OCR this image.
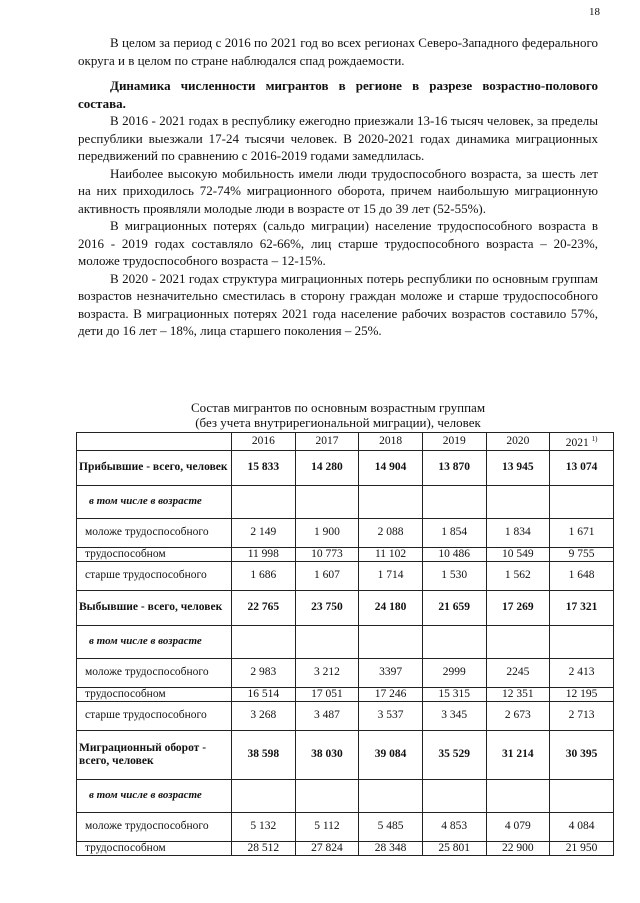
18

В целом за период с 2016 по 2021 год во всех регионах Северо-Западного федерального округа и в целом по стране наблюдался спад рождаемости.

Динамика численности мигрантов в регионе в разрезе возрастно-полового состава.

В 2016 - 2021 годах в республику ежегодно приезжали 13-16 тысяч человек, за пределы республики выезжали 17-24 тысячи человек. В 2020-2021 годах динамика миграционных передвижений по сравнению с 2016-2019 годами замедлилась.

Наиболее высокую мобильность имели люди трудоспособного возраста, за шесть лет на них приходилось 72-74% миграционного оборота, причем наибольшую миграционную активность проявляли молодые люди в возрасте от 15 до 39 лет (52-55%).

В миграционных потерях (сальдо миграции) население трудоспособного возраста в 2016 - 2019 годах составляло 62-66%, лиц старше трудоспособного возраста – 20-23%, моложе трудоспособного возраста – 12-15%.

В 2020 - 2021 годах структура миграционных потерь республики по основным группам возрастов незначительно сместилась в сторону граждан моложе и старше трудоспособного возраста. В миграционных потерях 2021 года население рабочих возрастов составило 57%, дети до 16 лет – 18%, лица старшего поколения – 25%.

Состав мигрантов по основным возрастным группам
(без учета внутрирегиональной миграции), человек
	2016	2017	2018	2019	2020	2021 $^{1)}$
Прибывшие - всего, человек	15 833	14 280	14 904	13 870	13 945	13 074
в том числе в возрасте						
моложе трудоспособного	2 149	1 900	2 088	1 854	1 834	1 671
трудоспособном	11 998	10 773	11 102	10 486	10 549	9 755
старше трудоспособного	1 686	1 607	1 714	1 530	1 562	1 648
Выбывшие - всего, человек	22 765	23 750	24 180	21 659	17 269	17 321
в том числе в возрасте						
моложе трудоспособного	2 983	3 212	3397	2999	2245	2 413
трудоспособном	16 514	17 051	17 246	15 315	12 351	12 195
старше трудоспособного	3 268	3 487	3 537	3 345	2 673	2 713
Миграционный оборот - всего, человек	38 598	38 030	39 084	35 529	31 214	30 395
в том числе в возрасте						
моложе трудоспособного	5 132	5 112	5 485	4 853	4 079	4 084
трудоспособном	28 512	27 824	28 348	25 801	22 900	21 950
